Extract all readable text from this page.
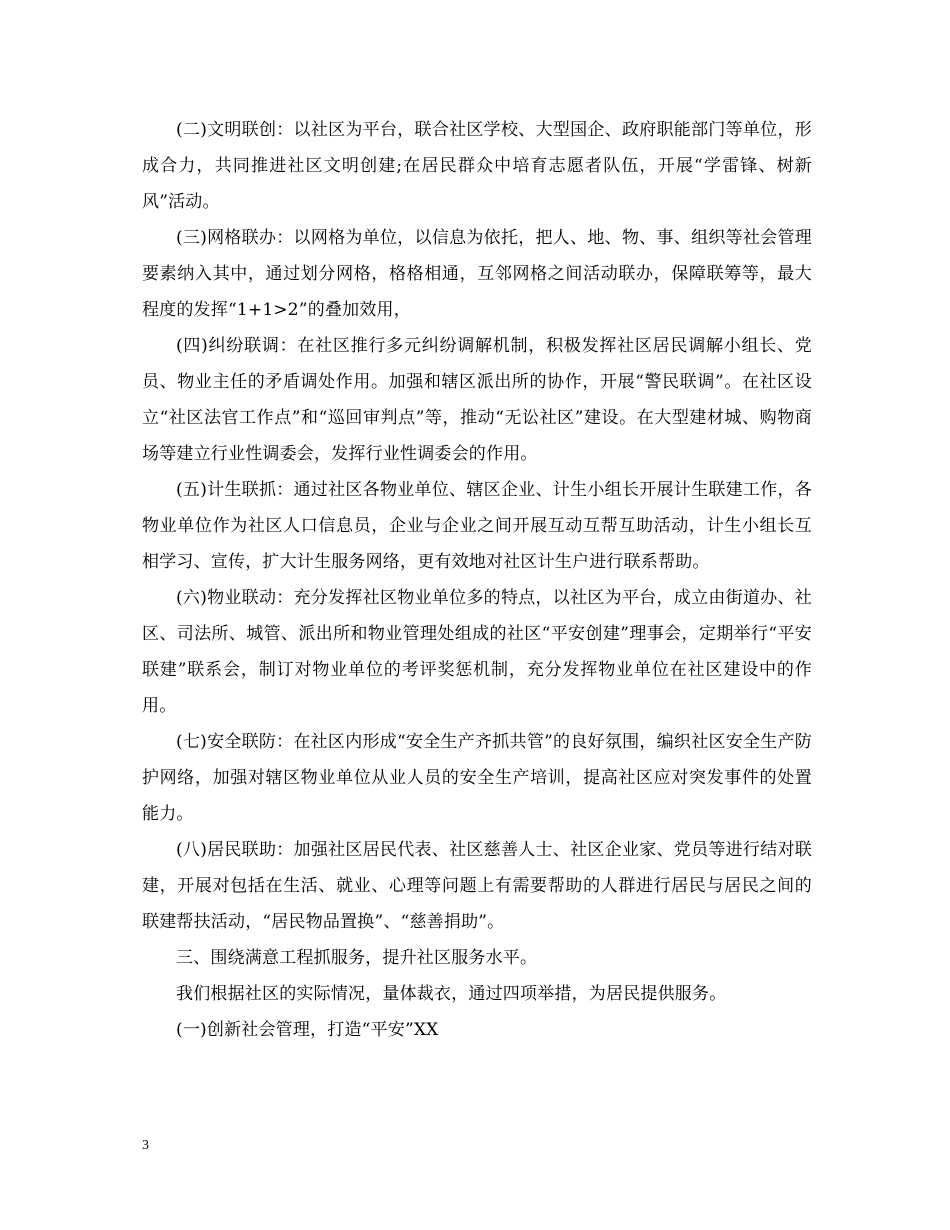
(二)文明联创：以社区为平台，联合社区学校、大型国企、政府职能部门等单位，形成合力，共同推进社区文明创建;在居民群众中培育志愿者队伍，开展“学雷锋、树新风”活动。

(三)网格联办：以网格为单位，以信息为依托，把人、地、物、事、组织等社会管理要素纳入其中，通过划分网格，格格相通，互邻网格之间活动联办，保障联筹等，最大程度的发挥“1+1>2”的叠加效用，

(四)纠纷联调：在社区推行多元纠纷调解机制，积极发挥社区居民调解小组长、党员、物业主任的矛盾调处作用。加强和辖区派出所的协作，开展“警民联调”。在社区设立“社区法官工作点”和“巡回审判点”等，推动“无讼社区”建设。在大型建材城、购物商场等建立行业性调委会，发挥行业性调委会的作用。

(五)计生联抓：通过社区各物业单位、辖区企业、计生小组长开展计生联建工作，各物业单位作为社区人口信息员，企业与企业之间开展互动互帮互助活动，计生小组长互相学习、宣传，扩大计生服务网络，更有效地对社区计生户进行联系帮助。

(六)物业联动：充分发挥社区物业单位多的特点，以社区为平台，成立由街道办、社区、司法所、城管、派出所和物业管理处组成的社区“平安创建”理事会，定期举行“平安联建”联系会，制订对物业单位的考评奖惩机制，充分发挥物业单位在社区建设中的作用。

(七)安全联防：在社区内形成“安全生产齐抓共管”的良好氛围，编织社区安全生产防护网络，加强对辖区物业单位从业人员的安全生产培训，提高社区应对突发事件的处置能力。

(八)居民联助：加强社区居民代表、社区慈善人士、社区企业家、党员等进行结对联建，开展对包括在生活、就业、心理等问题上有需要帮助的人群进行居民与居民之间的联建帮扶活动，“居民物品置换”、“慈善捐助”。

三、围绕满意工程抓服务，提升社区服务水平。

我们根据社区的实际情况，量体裁衣，通过四项举措，为居民提供服务。

(一)创新社会管理，打造“平安”XX

3
